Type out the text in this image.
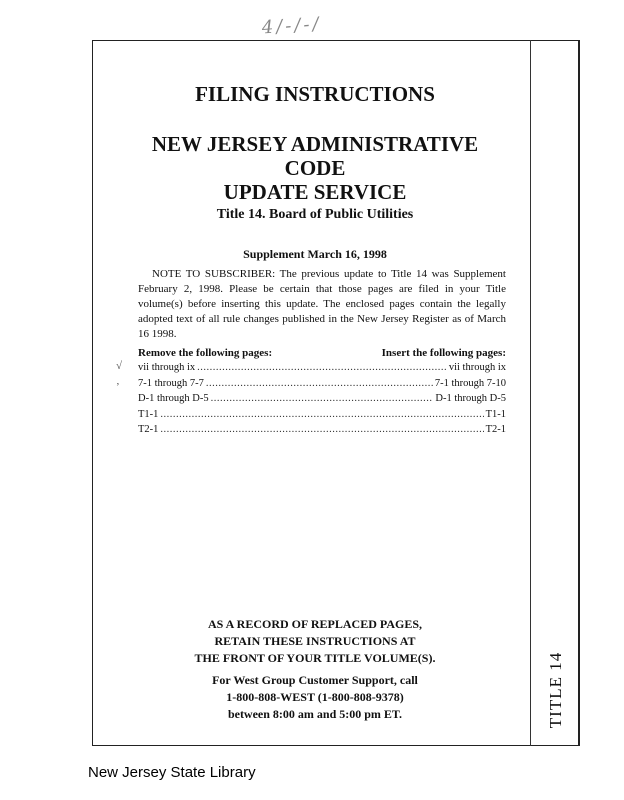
4/-/-/
TITLE 14
FILING INSTRUCTIONS
NEW JERSEY ADMINISTRATIVE CODE
UPDATE SERVICE
Title 14. Board of Public Utilities
Supplement March 16, 1998
NOTE TO SUBSCRIBER: The previous update to Title 14 was Supplement February 2, 1998. Please be certain that those pages are filed in your Title volume(s) before inserting this update. The enclosed pages contain the legally adopted text of all rule changes published in the New Jersey Register as of March 16 1998.
Remove the following pages:	Insert the following pages:
vii through ix .....	vii through ix
7-1 through 7-7 .....	7-1 through 7-10
D-1 through D-5 .....	D-1 through D-5
T1-1 .....	T1-1
T2-1 .....	T2-1
AS A RECORD OF REPLACED PAGES,
RETAIN THESE INSTRUCTIONS AT
THE FRONT OF YOUR TITLE VOLUME(S).
For West Group Customer Support, call
1-800-808-WEST (1-800-808-9378)
between 8:00 am and 5:00 pm ET.
√
‚
New Jersey State Library
